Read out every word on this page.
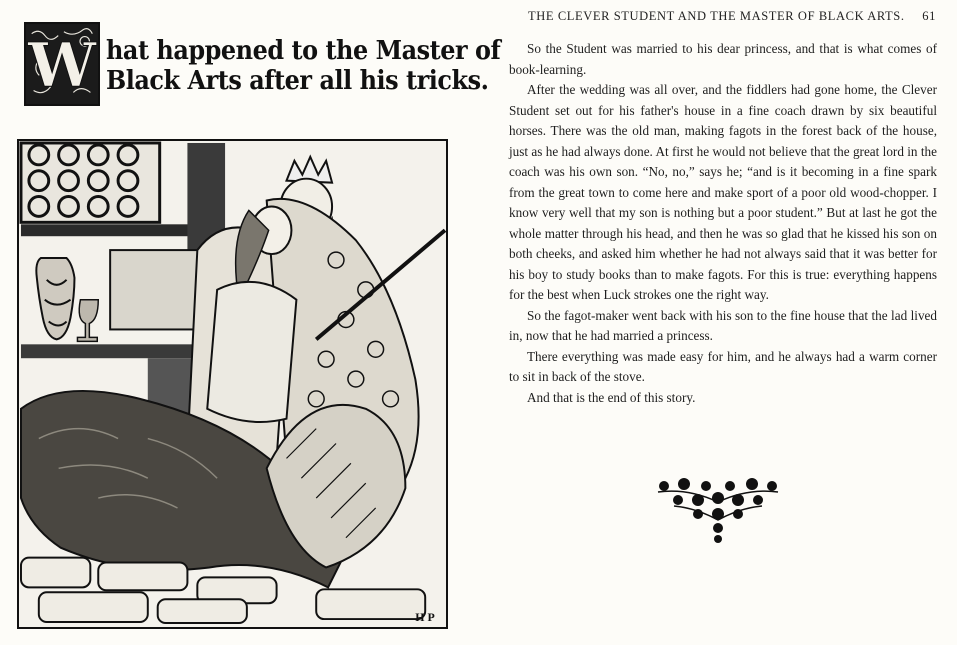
W hat happened to the Master of
Black Arts after all his tricks.
H P
THE CLEVER STUDENT AND THE MASTER OF BLACK ARTS. 61

So the Student was married to his dear princess, and that is what comes of book-learning.

After the wedding was all over, and the fiddlers had gone home, the Clever Student set out for his father's house in a fine coach drawn by six beautiful horses. There was the old man, making fagots in the forest back of the house, just as he had always done. At first he would not believe that the great lord in the coach was his own son. “No, no,” says he; “and is it becoming in a fine spark from the great town to come here and make sport of a poor old wood-chopper. I know very well that my son is nothing but a poor student.” But at last he got the whole matter through his head, and then he was so glad that he kissed his son on both cheeks, and asked him whether he had not always said that it was better for his boy to study books than to make fagots. For this is true: everything happens for the best when Luck strokes one the right way.

So the fagot-maker went back with his son to the fine house that the lad lived in, now that he had married a princess.

There everything was made easy for him, and he always had a warm corner to sit in back of the stove.

And that is the end of this story.
